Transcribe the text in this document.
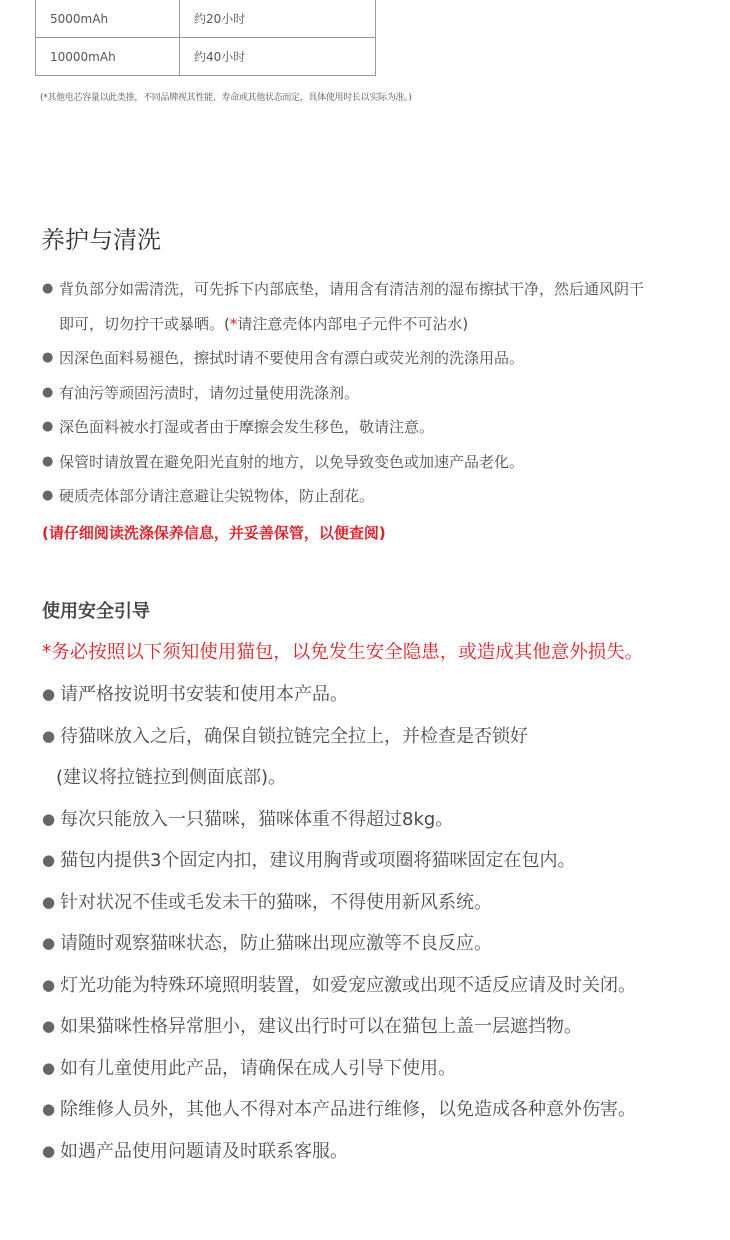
5000mAh	约20小时
10000mAh	约40小时
(*其他电芯容量以此类推，不同品牌视其性能、寿命或其他状态而定，具体使用时长以实际为准。)
养护与清洗
● 背负部分如需清洗，可先拆下内部底垫，请用含有清洁剂的湿布擦拭干净，然后通风阴干
即可，切勿拧干或暴晒。(*请注意壳体内部电子元件不可沾水)
● 因深色面料易褪色，擦拭时请不要使用含有漂白或荧光剂的洗涤用品。
● 有油污等顽固污渍时，请勿过量使用洗涤剂。
● 深色面料被水打湿或者由于摩擦会发生移色，敬请注意。
● 保管时请放置在避免阳光直射的地方，以免导致变色或加速产品老化。
● 硬质壳体部分请注意避让尖锐物体，防止刮花。
(请仔细阅读洗涤保养信息，并妥善保管，以便查阅)
使用安全引导
*务必按照以下须知使用猫包，以免发生安全隐患，或造成其他意外损失。
● 请严格按说明书安装和使用本产品。
● 待猫咪放入之后，确保自锁拉链完全拉上，并检查是否锁好
(建议将拉链拉到侧面底部)。
● 每次只能放入一只猫咪，猫咪体重不得超过8kg。
● 猫包内提供3个固定内扣，建议用胸背或项圈将猫咪固定在包内。
● 针对状况不佳或毛发未干的猫咪，不得使用新风系统。
● 请随时观察猫咪状态，防止猫咪出现应激等不良反应。
● 灯光功能为特殊环境照明装置，如爱宠应激或出现不适反应请及时关闭。
● 如果猫咪性格异常胆小，建议出行时可以在猫包上盖一层遮挡物。
● 如有儿童使用此产品，请确保在成人引导下使用。
● 除维修人员外，其他人不得对本产品进行维修，以免造成各种意外伤害。
● 如遇产品使用问题请及时联系客服。
